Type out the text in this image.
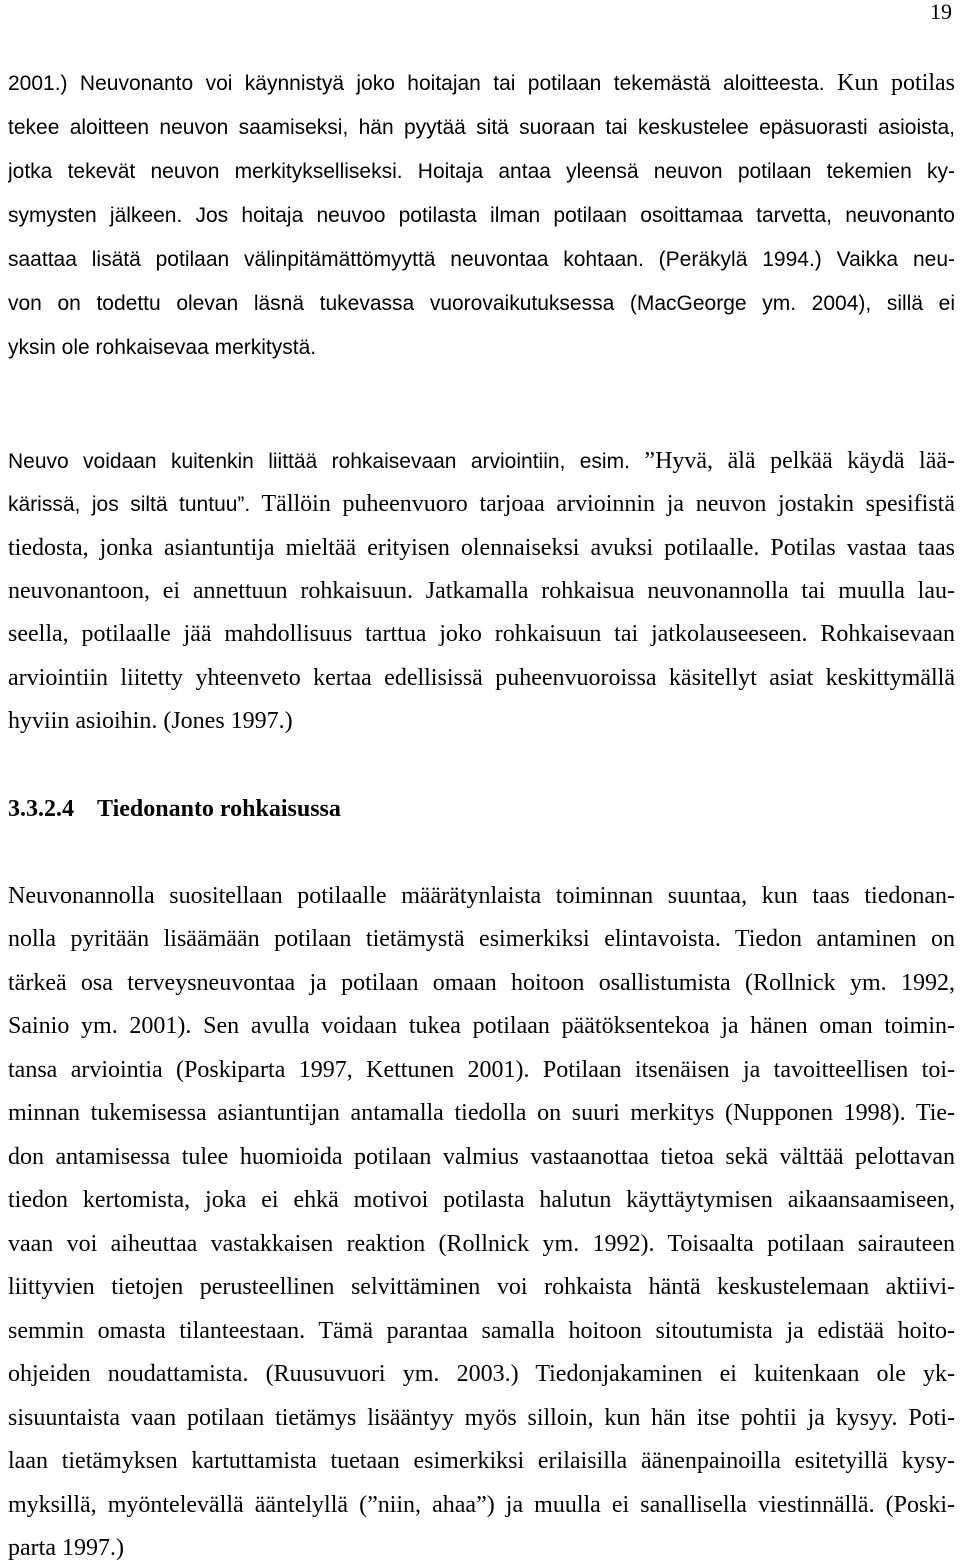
19
2001.) Neuvonanto voi käynnistyä joko hoitajan tai potilaan tekemästä aloitteesta. Kun potilas
tekee aloitteen neuvon saamiseksi, hän pyytää sitä suoraan tai keskustelee epäsuorasti asioista,
jotka tekevät neuvon merkitykselliseksi. Hoitaja antaa yleensä neuvon potilaan tekemien ky-
symysten jälkeen. Jos hoitaja neuvoo potilasta ilman potilaan osoittamaa tarvetta, neuvonanto
saattaa lisätä potilaan välinpitämättömyyttä neuvontaa kohtaan. (Peräkylä 1994.) Vaikka neu-
von on todettu olevan läsnä tukevassa vuorovaikutuksessa (MacGeorge ym. 2004), sillä ei
yksin ole rohkaisevaa merkitystä.
Neuvo voidaan kuitenkin liittää rohkaisevaan arviointiin, esim. ”Hyvä, älä pelkää käydä lää-
kärissä, jos siltä tuntuu”. Tällöin puheenvuoro tarjoaa arvioinnin ja neuvon jostakin spesifistä
tiedosta, jonka asiantuntija mieltää erityisen olennaiseksi avuksi potilaalle. Potilas vastaa taas
neuvonantoon, ei annettuun rohkaisuun. Jatkamalla rohkaisua neuvonannolla tai muulla lau-
seella, potilaalle jää mahdollisuus tarttua joko rohkaisuun tai jatkolauseeseen. Rohkaisevaan
arviointiin liitetty yhteenveto kertaa edellisissä puheenvuoroissa käsitellyt asiat keskittymällä
hyviin asioihin. (Jones 1997.)
3.3.2.4 Tiedonanto rohkaisussa
Neuvonannolla suositellaan potilaalle määrätynlaista toiminnan suuntaa, kun taas tiedonan-
nolla pyritään lisäämään potilaan tietämystä esimerkiksi elintavoista. Tiedon antaminen on
tärkeä osa terveysneuvontaa ja potilaan omaan hoitoon osallistumista (Rollnick ym. 1992,
Sainio ym. 2001). Sen avulla voidaan tukea potilaan päätöksentekoa ja hänen oman toimin-
tansa arviointia (Poskiparta 1997, Kettunen 2001). Potilaan itsenäisen ja tavoitteellisen toi-
minnan tukemisessa asiantuntijan antamalla tiedolla on suuri merkitys (Nupponen 1998). Tie-
don antamisessa tulee huomioida potilaan valmius vastaanottaa tietoa sekä välttää pelottavan
tiedon kertomista, joka ei ehkä motivoi potilasta halutun käyttäytymisen aikaansaamiseen,
vaan voi aiheuttaa vastakkaisen reaktion (Rollnick ym. 1992). Toisaalta potilaan sairauteen
liittyvien tietojen perusteellinen selvittäminen voi rohkaista häntä keskustelemaan aktiivi-
semmin omasta tilanteestaan. Tämä parantaa samalla hoitoon sitoutumista ja edistää hoito-
ohjeiden noudattamista. (Ruusuvuori ym. 2003.) Tiedonjakaminen ei kuitenkaan ole yk-
sisuuntaista vaan potilaan tietämys lisääntyy myös silloin, kun hän itse pohtii ja kysyy. Poti-
laan tietämyksen kartuttamista tuetaan esimerkiksi erilaisilla äänenpainoilla esitetyillä kysy-
myksillä, myöntelevällä ääntelyllä (”niin, ahaa”) ja muulla ei sanallisella viestinnällä. (Poski-
parta 1997.)
